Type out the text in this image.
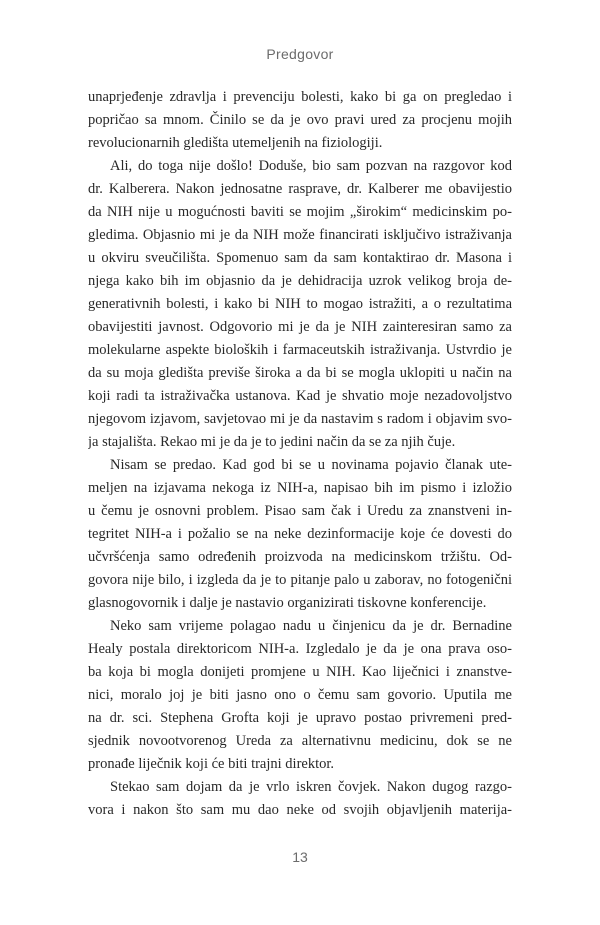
Predgovor
unaprjeđenje zdravlja i prevenciju bolesti, kako bi ga on pregledao i
popričao sa mnom. Činilo se da je ovo pravi ured za procjenu mojih
revolucionarnih gledišta utemeljenih na fiziologiji.
Ali, do toga nije došlo! Doduše, bio sam pozvan na razgovor kod
dr. Kalberera. Nakon jednosatne rasprave, dr. Kalberer me obavijestio
da NIH nije u mogućnosti baviti se mojim „širokim“ medicinskim po-
gledima. Objasnio mi je da NIH može financirati isključivo istraživanja
u okviru sveučilišta. Spomenuo sam da sam kontaktirao dr. Masona i
njega kako bih im objasnio da je dehidracija uzrok velikog broja de-
generativnih bolesti, i kako bi NIH to mogao istražiti, a o rezultatima
obavijestiti javnost. Odgovorio mi je da je NIH zainteresiran samo za
molekularne aspekte bioloških i farmaceutskih istraživanja. Ustvrdio je
da su moja gledišta previše široka a da bi se mogla uklopiti u način na
koji radi ta istraživačka ustanova. Kad je shvatio moje nezadovoljstvo
njegovom izjavom, savjetovao mi je da nastavim s radom i objavim svo-
ja stajališta. Rekao mi je da je to jedini način da se za njih čuje.
Nisam se predao. Kad god bi se u novinama pojavio članak ute-
meljen na izjavama nekoga iz NIH-a, napisao bih im pismo i izložio
u čemu je osnovni problem. Pisao sam čak i Uredu za znanstveni in-
tegritet NIH-a i požalio se na neke dezinformacije koje će dovesti do
učvršćenja samo određenih proizvoda na medicinskom tržištu. Od-
govora nije bilo, i izgleda da je to pitanje palo u zaborav, no fotogenični
glasnogovornik i dalje je nastavio organizirati tiskovne konferencije.
Neko sam vrijeme polagao nadu u činjenicu da je dr. Bernadine
Healy postala direktoricom NIH-a. Izgledalo je da je ona prava oso-
ba koja bi mogla donijeti promjene u NIH. Kao liječnici i znanstve-
nici, moralo joj je biti jasno ono o čemu sam govorio. Uputila me
na dr. sci. Stephena Grofta koji je upravo postao privremeni pred-
sjednik novootvorenog Ureda za alternativnu medicinu, dok se ne
pronađe liječnik koji će biti trajni direktor.
Stekao sam dojam da je vrlo iskren čovjek. Nakon dugog razgo-
vora i nakon što sam mu dao neke od svojih objavljenih materija-
13
